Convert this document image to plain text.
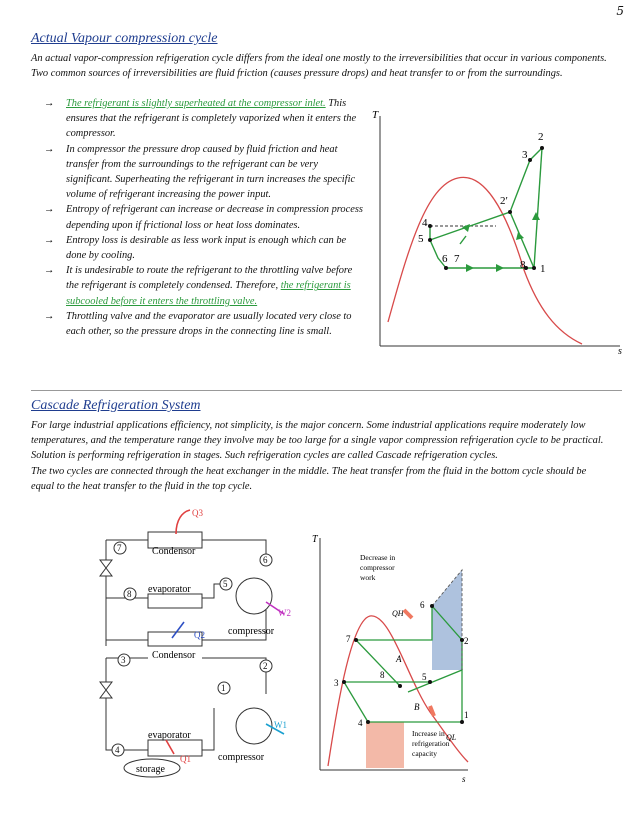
5
Actual Vapour compression cycle

An actual vapor-compression refrigeration cycle differs from the ideal one mostly to the irreversibilities that occur in various components. Two common sources of irreversibilities are fluid friction (causes pressure drops) and heat transfer to or from the surroundings.

→ The refrigerant is slightly superheated at the compressor inlet. This ensures that the refrigerant is completely vaporized when it enters the compressor.
→ In compressor the pressure drop caused by fluid friction and heat transfer from the surroundings to the refrigerant can be very significant. Superheating the refrigerant in turn increases the specific volume of refrigerant increasing the power input.
→ Entropy of refrigerant can increase or decrease in compression process depending upon if frictional loss or heat loss dominates.
→ Entropy loss is desirable as less work input is enough which can be done by cooling.
→ It is undesirable to route the refrigerant to the throttling valve before the refrigerant is completely condensed. Therefore, the refrigerant is subcooled before it enters the throttling valve.
→ Throttling valve and the evaporator are usually located very close to each other, so the pressure drops in the connecting line is small.
T
s
2
3
2′
4
5
6 7	8 1
Cascade Refrigeration System

For large industrial applications efficiency, not simplicity, is the major concern. Some industrial applications require moderately low temperatures, and the temperature range they involve may be too large for a single vapor compression refrigeration cycle to be practical. Solution is performing refrigeration in stages. Such refrigeration cycles are called Cascade refrigeration cycles.

The two cycles are connected through the heat exchanger in the middle. The heat transfer from the fluid in the bottom cycle should be equal to the heat transfer to the fluid in the top cycle.

Condensor
evaporator
Condensor
evaporator
compressor
compressor
storage
7
6
5
8
3
2
1
4
Q3
Q2
W2
W1
Q1
T
s
6
7	2
3
8	5
4
1
A
B
QH
QL
Decrease in
compressor
work
Increase in
refrigeration
capacity
